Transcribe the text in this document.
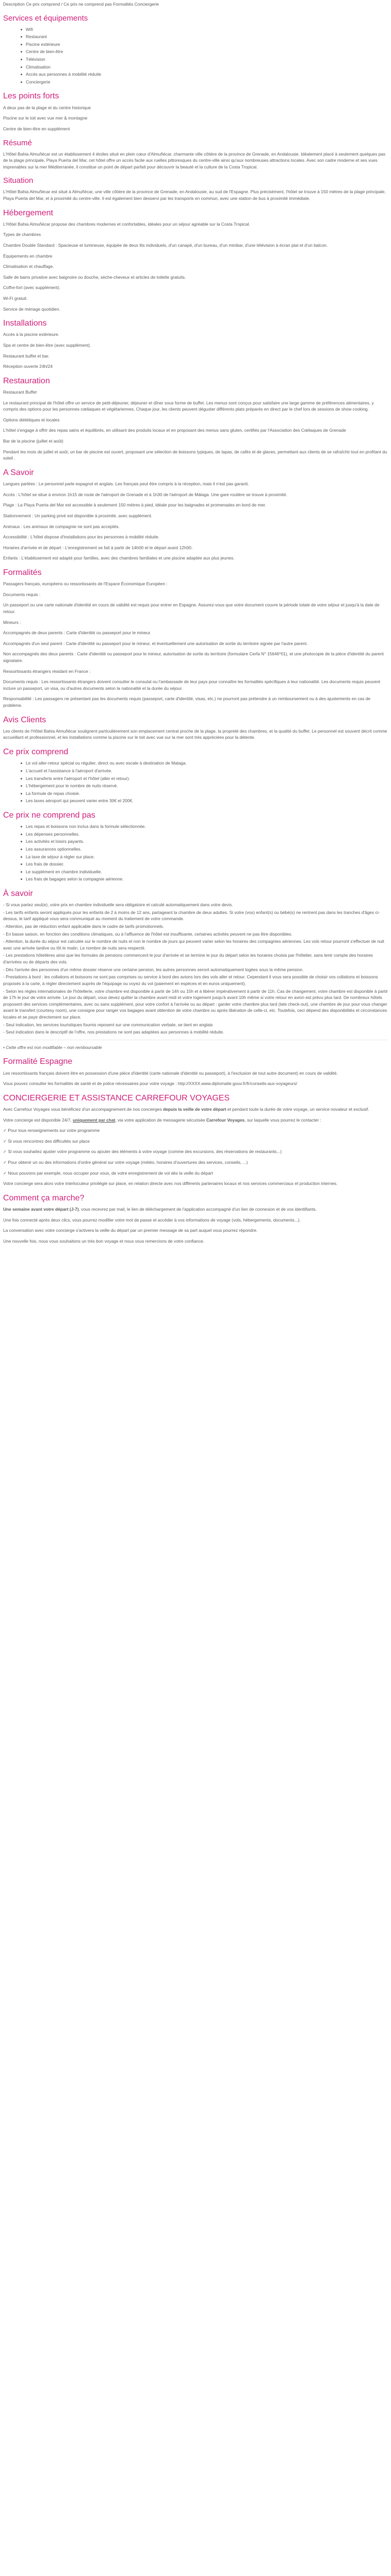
Description Ce prix comprend / Ce prix ne comprend pas Formalités Conciergerie

Services et équipements
Wifi
Restaurant
Piscine extérieure
Centre de bien-être
Télévision
Climatisation
Accès aux personnes à mobilité réduite
Conciergerie
Les points forts

A deux pas de la plage et du centre historique

Piscine sur le toit avec vue mer & montagne

Centre de bien-être en supplément

Résumé

L'Hôtel Bahia Almuñécar est un établissement 4 étoiles situé en plein cœur d'Almuñécar, charmante ville côtière de la province de Grenade, en Andalousie. Idéalement placé à seulement quelques pas de la plage principale, Playa Puerta del Mar, cet hôtel offre un accès facile aux ruelles pittoresques du centre-ville ainsi qu'aux nombreuses attractions locales. Avec son cadre moderne et ses vues imprenables sur la mer Méditerranée, il constitue un point de départ parfait pour découvrir la beauté et la culture de la Costa Tropical.

Situation

L'Hôtel Bahia Almuñécar est situé à Almuñécar, une ville côtière de la province de Grenade, en Andalousie, au sud de l'Espagne. Plus précisément, l'hôtel se trouve à 150 mètres de la plage principale, Playa Puerta del Mar, et à proximité du centre-ville. Il est également bien desservi par les transports en commun, avec une station de bus à proximité immédiate.

Hébergement

L'Hôtel Bahia Almuñécar propose des chambres modernes et confortables, idéales pour un séjour agréable sur la Costa Tropical.

Types de chambres

Chambre Double Standard : Spacieuse et lumineuse, équipée de deux lits individuels, d'un canapé, d'un bureau, d'un minibar, d'une télévision à écran plat et d'un balcon.

Équipements en chambre

Climatisation et chauffage.

Salle de bains privative avec baignoire ou douche, sèche-cheveux et articles de toilette gratuits.

Coffre-fort (avec supplément).

Wi-Fi gratuit.

Service de ménage quotidien.

Installations

Accès à la piscine extérieure.

Spa et centre de bien-être (avec supplément).

Restaurant buffet et bar.

Réception ouverte 24h/24

Restauration

Restaurant Buffet

Le restaurant principal de l'hôtel offre un service de petit-déjeuner, déjeuner et dîner sous forme de buffet. Les menus sont conçus pour satisfaire une large gamme de préférences alimentaires, y compris des options pour les personnes cœliaques et végétariennes. Chaque jour, les clients peuvent déguster différents plats préparés en direct par le chef lors de sessions de show cooking.

Options diététiques et locales

L'hôtel s'engage à offrir des repas sains et équilibrés, en utilisant des produits locaux et en proposant des menus sans gluten, certifiés par l'Association des Cœliaques de Grenade

Bar de la piscine (juillet et août)

Pendant les mois de juillet et août, un bar de piscine est ouvert, proposant une sélection de boissons typiques, de tapas, de cafés et de glaces, permettant aux clients de se rafraîchir tout en profitant du soleil .

A Savoir

Langues parlées : Le personnel parle espagnol et anglais. Les français peut être compris à la réception, mais il n'est pas garanti.

Accès : L'hôtel se situe à environ 1h15 de route de l'aéroport de Grenade et à 1h30 de l'aéroport de Málaga. Une gare routière se trouve à proximité.

Plage : La Playa Puerta del Mar est accessible à seulement 150 mètres à pied, idéale pour les baignades et promenades en bord de mer.

Stationnement : Un parking privé est disponible à proximité, avec supplément.

Animaux : Les animaux de compagnie ne sont pas acceptés.

Accessibilité : L'hôtel dispose d'installations pour les personnes à mobilité réduite.

Horaires d'arrivée et de départ : L'enregistrement se fait à partir de 14h00 et le départ avant 12h00.

Enfants : L'établissement est adapté pour familles, avec des chambres familiales et une piscine adaptée aux plus jeunes.

Formalités

Passagers français, européens ou ressortissants de l'Espace Économique Européen :

Documents requis :

Un passeport ou une carte nationale d'identité en cours de validité est requis pour entrer en Espagne. Assurez-vous que votre document couvre la période totale de votre séjour et jusqu'à la date de retour.

Mineurs :

Accompagnés de deux parents : Carte d'identité ou passeport pour le mineur.

Accompagnés d'un seul parent : Carte d'identité ou passeport pour le mineur, et éventuellement une autorisation de sortie du territoire signée par l'autre parent.

Non accompagnés des deux parents : Carte d'identité ou passeport pour le mineur, autorisation de sortie du territoire (formulaire Cerfa N° 15646*01), et une photocopie de la pièce d'identité du parent signataire.

Ressortissants étrangers résidant en France :

Documents requis : Les ressortissants étrangers doivent consulter le consulat ou l'ambassade de leur pays pour connaître les formalités spécifiques à leur nationalité. Les documents requis peuvent inclure un passeport, un visa, ou d'autres documents selon la nationalité et la durée du séjour.

Responsabilité : Les passagers ne présentant pas les documents requis (passeport, carte d'identité, visas, etc.) ne pourront pas prétendre à un remboursement ou à des ajustements en cas de problème.

Avis Clients

Les clients de l'Hôtel Bahia Almuñécar soulignent particulièrement son emplacement central proche de la plage, la propreté des chambres, et la qualité du buffet. Le personnel est souvent décrit comme accueillant et professionnel, et les installations comme la piscine sur le toit avec vue sur la mer sont très appréciées pour la détente.

Ce prix comprend
Le vol aller-retour spécial ou régulier, direct ou avec escale à destination de Malaga.
L'accueil et l'assistance à l'aéroport d'arrivée.
Les transferts entre l'aéroport et l'hôtel (aller et retour).
L'hébergement pour le nombre de nuits réservé.
La formule de repas choisie.
Les taxes aéroport qui peuvent varier entre 30€ et 200€.
Ce prix ne comprend pas
Les repas et boissons non inclus dans la formule sélectionnée.
Les dépenses personnelles.
Les activités et loisirs payants.
Les assurances optionnelles.
La taxe de séjour à régler sur place.
Les frais de dossier.
Le supplément en chambre individuelle.
Les frais de bagages selon la compagnie aérienne.
À savoir

- Si vous partez seul(e), votre prix en chambre individuelle sera obligatoire et calculé automatiquement dans votre devis.

- Les tarifs enfants seront appliqués pour les enfants de 2 à moins de 12 ans, partageant la chambre de deux adultes. Si votre (vos) enfant(s) ou bébé(s) ne rentrent pas dans les tranches d'âges ci-dessus, le tarif appliqué vous sera communiqué au moment du traitement de votre commande.

- Attention, pas de réduction enfant applicable dans le cadre de tarifs promotionnels.

- En basse saison, en fonction des conditions climatiques, ou à l'affluence de l'hôtel est insuffisante, certaines activités peuvent ne pas être disponibles.

- Attention, la durée du séjour est calculée sur le nombre de nuits et non le nombre de jours qui peuvent varier selon les horaires des compagnies aériennes. Les vols retour pourront s'effectuer de nuit avec une arrivée tardive ou tôt le matin. Le nombre de nuits sera respecté.

- Les prestations hôtelières ainsi que les formules de pensions commencent le jour d'arrivée et se termine le jour du départ selon les horaires choisis par l'hôtelier, sans tenir compte des horaires d'arrivées ou de départs des vols.

- Dès l'arrivée des personnes d'un même dossier réserve une certaine pension, les autres personnes seront automatiquement logées sous la même pension.

- Prestations à bord : les collations et boissons ne sont pas comprises ou service à bord des avions lors des vols aller et retour. Cependant il vous sera possible de choisir vos collations et boissons proposés à la carte, à régler directement auprès de l'équipage ou voyez du vol (paiement en espèces et en euros uniquement).

- Selon les règles internationales de l'hôtellerie, votre chambre est disponible à partir de 14h ou 15h et à libérer impérativement à partir de 11h. Cas de changement, votre chambre est disponible à partir de 17h le jour de votre arrivée. Le jour du départ, vous devez quitter la chambre avant midi et votre logement jusqu'à avant 10h même si votre retour en avion est prévu plus tard. De nombreux hôtels proposent des services complémentaires, avec ou sans supplément, pour votre confort à l'arrivée ou au départ : garder votre chambre plus tard (late check-out), une chambre de jour pour vous changer avant le transfert (courtesy room), une consigne pour ranger vos bagages avant obtention de votre chambre ou après libération de celle-ci, etc. Toutefois, ceci dépend des disponibilités et circonstances locales et se paye directement sur place.

- Seul indication, les services touristiques fournis reposent sur une communication verbale, se tient en anglais

- Seul indication dans le descriptif de l'offre, nos prestations ne sont pas adaptées aux personnes à mobilité réduite.

• Cette offre est non modifiable – non remboursable

Formalité Espagne

Les ressortissants français doivent être en possession d'une pièce d'identité (carte nationale d'identité ou passeport), à l'exclusion de tout autre document) en cours de validité.

Vous pouvez consulter les formalités de santé et de police nécessaires pour votre voyage : http://XXXX.www.diplomatie.gouv.fr/fr/conseils-aux-voyageurs/

CONCIERGERIE ET ASSISTANCE CARREFOUR VOYAGES

Avec Carrefour Voyages vous bénéficiez d'un accompagnement de nos concierges depuis la veille de votre départ et pendant toute la durée de votre voyage, un service novateur et exclusif.

Votre concierge est disponible 24/7, uniquement par chat, via votre application de messagerie sécurisée Carrefour Voyages, sur laquelle vous pourrez le contacter :

✓ Pour tous renseignements sur votre programme

✓ Si vous rencontrez des difficultés sur place

✓ Si vous souhaitez ajuster votre programme ou ajouter des éléments à votre voyage (comme des excursions, des réservations de restaurants...)

✓ Pour obtenir un ou des informations d'ordre général sur votre voyage (météo, horaires d'ouvertures des services, conseils, ...)

✓ Nous pouvons par exemple, nous occuper pour vous, de votre enregistrement de vol dès la veille du départ

Votre concierge sera alors votre interlocuteur privilégié sur place, en relation directe avec nos différents partenaires locaux et nos services commerciaux et production internes.

Comment ça marche?

Une semaine avant votre départ (J-7), vous recevrez par mail, le lien de téléchargement de l'application accompagné d'un lien de connexion et de vos identifiants.

Une fois connecté après deux clics, vous pourrez modifier votre mot de passe et accéder à vos informations de voyage (vols, hébergements, documents...).

La conversation avec votre concierge s'activera la veille du départ par un premier message de sa part auquel vous pourrez répondre.

Une nouvelle fois, nous vous souhaitons un très bon voyage et nous vous remercions de votre confiance.
